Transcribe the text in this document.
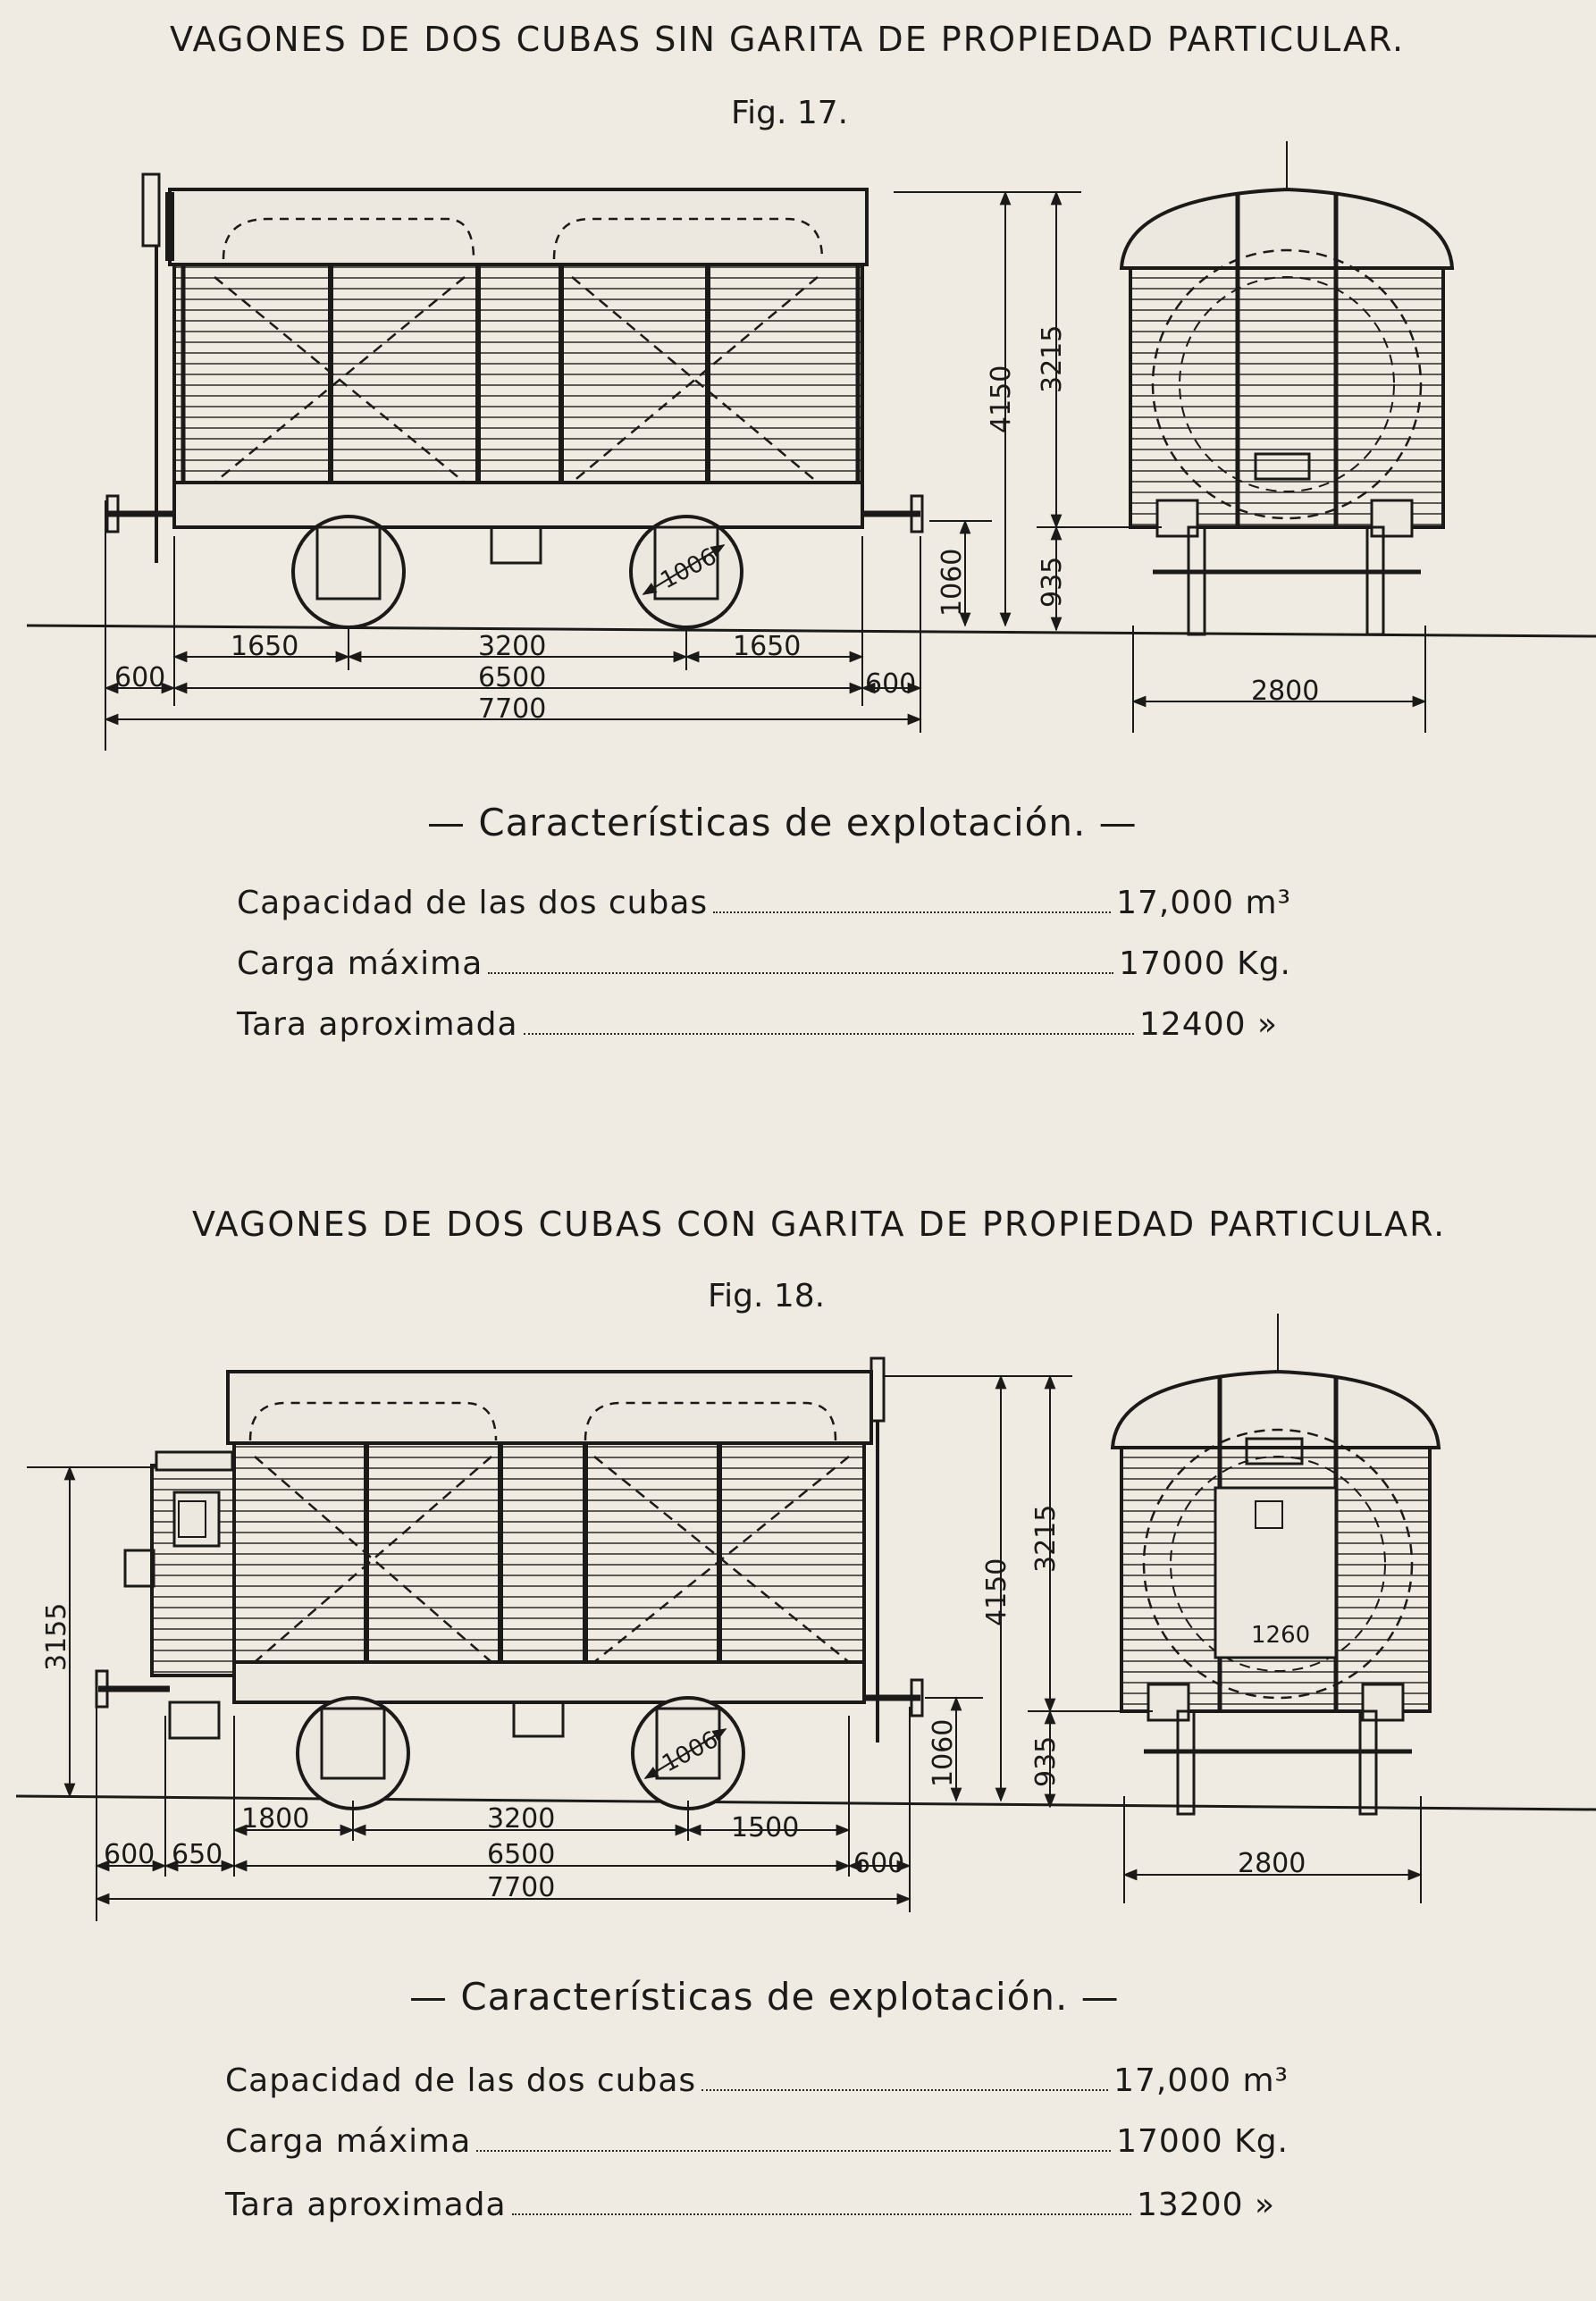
VAGONES DE DOS CUBAS SIN GARITA DE PROPIEDAD PARTICULAR.
Fig. 17.
1006
4150
1060
1650	3200	1650
600	6500	600
7700
3215
935
2800
— Características de explotación. —
Capacidad de las dos cubas	17,000 m³
Carga máxima	17000 Kg.
Tara aproximada	12400 »
VAGONES DE DOS CUBAS CON GARITA DE PROPIEDAD PARTICULAR.
Fig. 18.
1006
3155
4150
1060
1800	3200	1500
600 650	6500	600
7700
1260
3215
935
2800
— Características de explotación. —
Capacidad de las dos cubas	17,000 m³
Carga máxima	17000 Kg.
Tara aproximada	13200 »
